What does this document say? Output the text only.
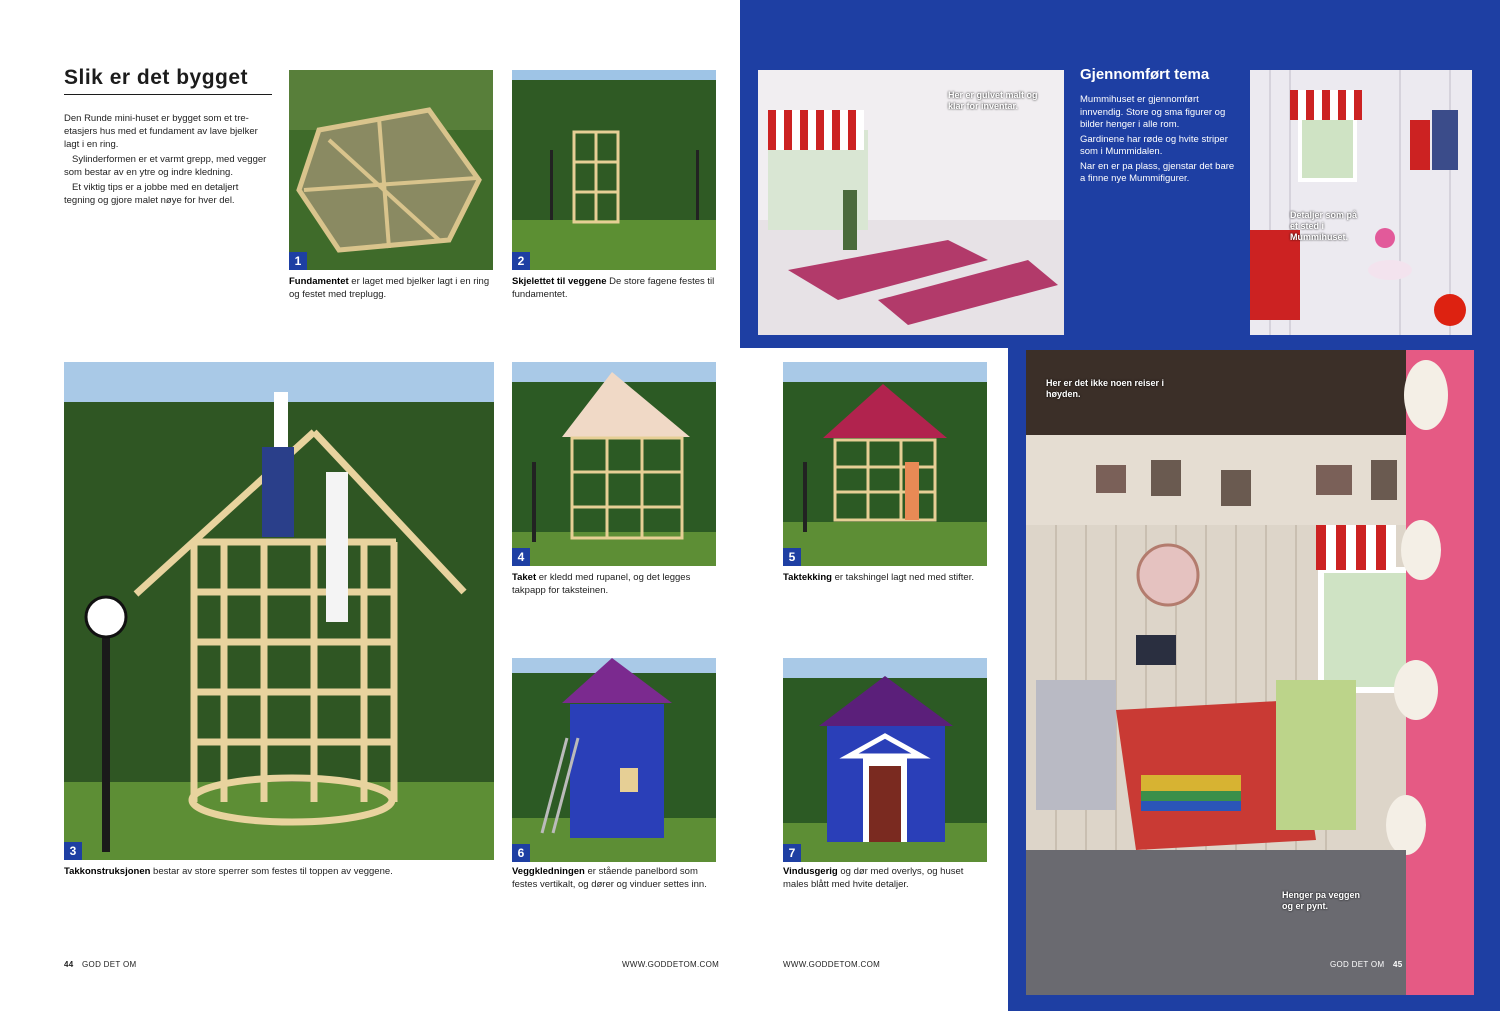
Slik er det bygget

Den Runde mini-huset er bygget som et tre-etasjers hus med et fundament av lave bjelker lagt i en ring.

Sylinderformen er et varmt grepp, med vegger som bestar av en ytre og indre kledning.

Et viktig tips er a jobbe med en detaljert tegning og gjore malet nøye for hver del.

1
Fundamentet er laget med bjelker lagt i en ring og festet med treplugg.
2
Skjelettet til veggene De store fagene festes til fundamentet.
3
Takkonstruksjonen bestar av store sperrer som festes til toppen av veggene.
4
Taket er kledd med rupanel, og det legges takpapp for taksteinen.
5
Taktekking er takshingel lagt ned med stifter.
6
Veggkledningen er stående panelbord som festes vertikalt, og dører og vinduer settes inn.
7
Vindusgerig og dør med overlys, og huset males blått med hvite detaljer.
Her er gulvet malt og klar for inventar.
Gjennomført tema

Mummihuset er gjennomført innvendig. Store og sma figurer og bilder henger i alle rom.

Gardinene har røde og hvite striper som i Mummidalen.

Nar en er pa plass, gjenstar det bare a finne nye Mummifigurer.

Detaljer som på et sted i Mummihuset.
Her er det ikke noen reiser i høyden.
Henger pa veggen og er pynt.
44 GOD DET OM	WWW.GODDETOM.COM	WWW.GODDETOM.COM	GOD DET OM 45
